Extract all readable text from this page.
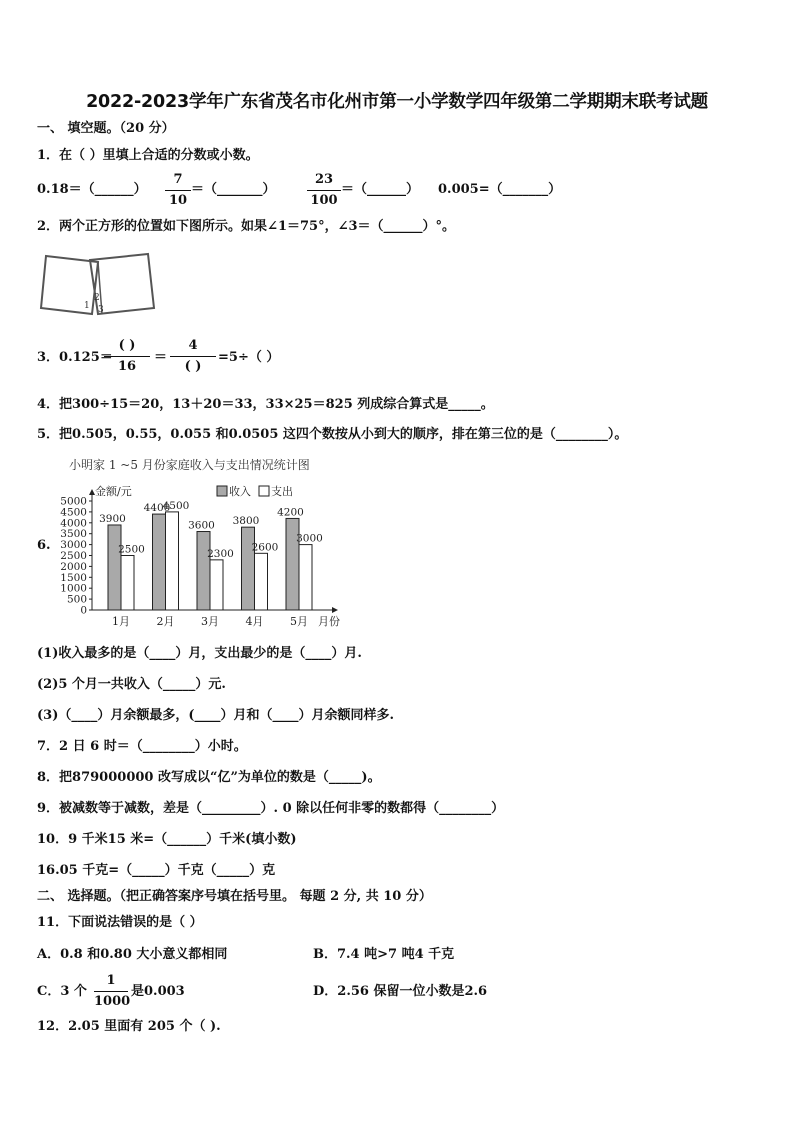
2022-2023学年广东省茂名市化州市第一小学数学四年级第二学期期末联考试题
一、 填空题。（20 分）
1．在（ ）里填上合适的分数或小数。
0.18＝（______）
7
10
＝（_______）
23
100
＝（______） 0.005=（_______）
2．两个正方形的位置如下图所示。如果∠1＝75°，∠3＝（______）°。
1
2
3
3．0.125＝
( )
16
＝
4
( )
=5÷（ ）
4．把300÷15＝20，13＋20＝33，33×25＝825 列成综合算式是_____。
5．把0.505，0.55，0.055 和0.0505 这四个数按从小到大的顺序，排在第三位的是（________）。
6.
小明家 1 ~5 月份家庭收入与支出情况统计图
金额/元
月份
收入 支出
0
500
1000
1500
2000
2500
3000
3500
4000
4500
5000
3900
2500
1月
4400
4500
2月
3600
2300
3月
3800
2600
4月
4200
3000
5月
(1)收入最多的是（____）月，支出最少的是（____）月.
(2)5 个月一共收入（_____）元.
(3)（____）月余额最多，(____）月和（____）月余额同样多.
7．2 日 6 时＝（________）小时。
8．把879000000 改写成以“亿”为单位的数是（_____)。
9．被减数等于减数，差是（_________）. 0 除以任何非零的数都得（________）
10．9 千米15 米=（______）千米(填小数)
16.05 千克=（_____）千克（_____）克
二、 选择题。（把正确答案序号填在括号里。 每题 2 分, 共 10 分）
11．下面说法错误的是（ ）
A．0.8 和0.80 大小意义都相同	B．7.4 吨>7 吨4 千克
C．3 个
1
1000
是0.003	D．2.56 保留一位小数是2.6
12．2.05 里面有 205 个（ ).
